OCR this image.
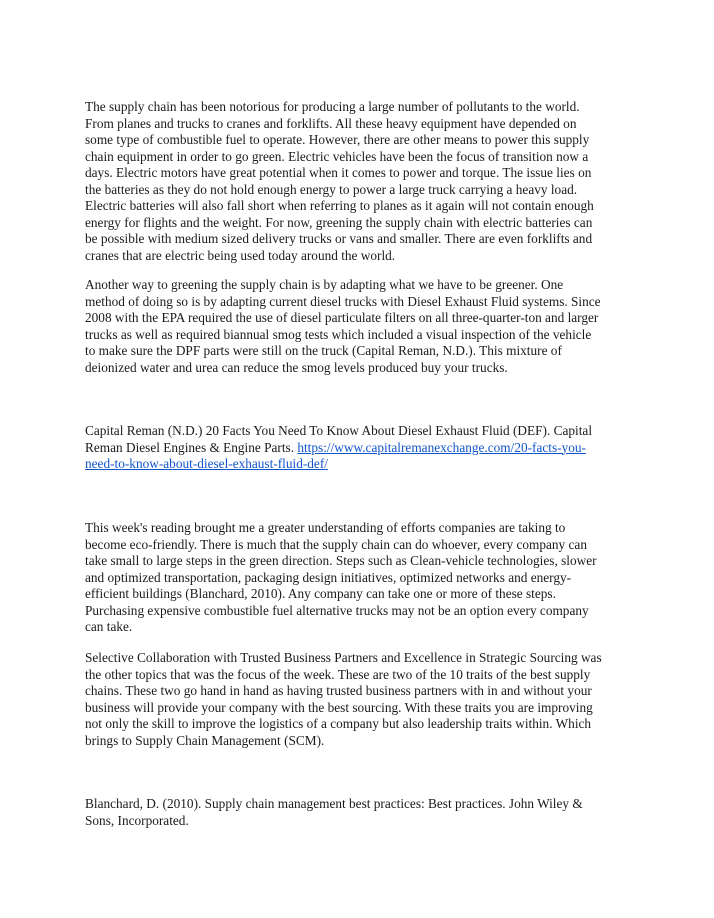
The supply chain has been notorious for producing a large number of pollutants to the world.
From planes and trucks to cranes and forklifts. All these heavy equipment have depended on
some type of combustible fuel to operate. However, there are other means to power this supply
chain equipment in order to go green. Electric vehicles have been the focus of transition now a
days. Electric motors have great potential when it comes to power and torque. The issue lies on
the batteries as they do not hold enough energy to power a large truck carrying a heavy load.
Electric batteries will also fall short when referring to planes as it again will not contain enough
energy for flights and the weight. For now, greening the supply chain with electric batteries can
be possible with medium sized delivery trucks or vans and smaller. There are even forklifts and
cranes that are electric being used today around the world.

Another way to greening the supply chain is by adapting what we have to be greener. One
method of doing so is by adapting current diesel trucks with Diesel Exhaust Fluid systems. Since
2008 with the EPA required the use of diesel particulate filters on all three-quarter-ton and larger
trucks as well as required biannual smog tests which included a visual inspection of the vehicle
to make sure the DPF parts were still on the truck (Capital Reman, N.D.). This mixture of
deionized water and urea can reduce the smog levels produced buy your trucks.

Capital Reman (N.D.) 20 Facts You Need To Know About Diesel Exhaust Fluid (DEF). Capital
Reman Diesel Engines & Engine Parts. https://www.capitalremanexchange.com/20-facts-you-
need-to-know-about-diesel-exhaust-fluid-def/

This week's reading brought me a greater understanding of efforts companies are taking to
become eco-friendly. There is much that the supply chain can do whoever, every company can
take small to large steps in the green direction. Steps such as Clean-vehicle technologies, slower
and optimized transportation, packaging design initiatives, optimized networks and energy-
efficient buildings (Blanchard, 2010). Any company can take one or more of these steps.
Purchasing expensive combustible fuel alternative trucks may not be an option every company
can take.

Selective Collaboration with Trusted Business Partners and Excellence in Strategic Sourcing was
the other topics that was the focus of the week. These are two of the 10 traits of the best supply
chains. These two go hand in hand as having trusted business partners with in and without your
business will provide your company with the best sourcing. With these traits you are improving
not only the skill to improve the logistics of a company but also leadership traits within. Which
brings to Supply Chain Management (SCM).

Blanchard, D. (2010). Supply chain management best practices: Best practices. John Wiley &
Sons, Incorporated.
